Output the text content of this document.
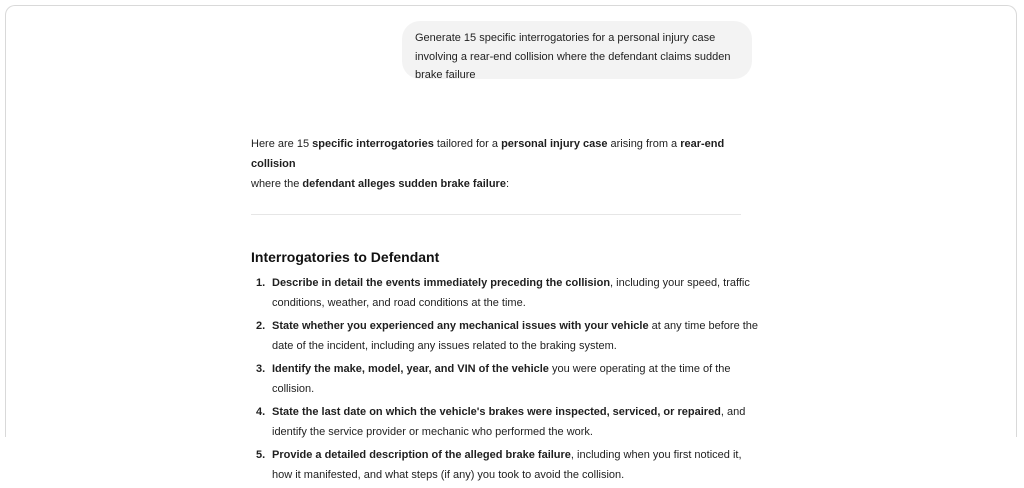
Generate 15 specific interrogatories for a personal injury case involving a rear-end collision where the defendant claims sudden brake failure

Here are 15 specific interrogatories tailored for a personal injury case arising from a rear-end collision
where the defendant alleges sudden brake failure:

Interrogatories to Defendant
1. Describe in detail the events immediately preceding the collision, including your speed, traffic conditions, weather, and road conditions at the time.
2. State whether you experienced any mechanical issues with your vehicle at any time before the date of the incident, including any issues related to the braking system.
3. Identify the make, model, year, and VIN of the vehicle you were operating at the time of the collision.
4. State the last date on which the vehicle's brakes were inspected, serviced, or repaired, and identify the service provider or mechanic who performed the work.
5. Provide a detailed description of the alleged brake failure, including when you first noticed it, how it manifested, and what steps (if any) you took to avoid the collision.
